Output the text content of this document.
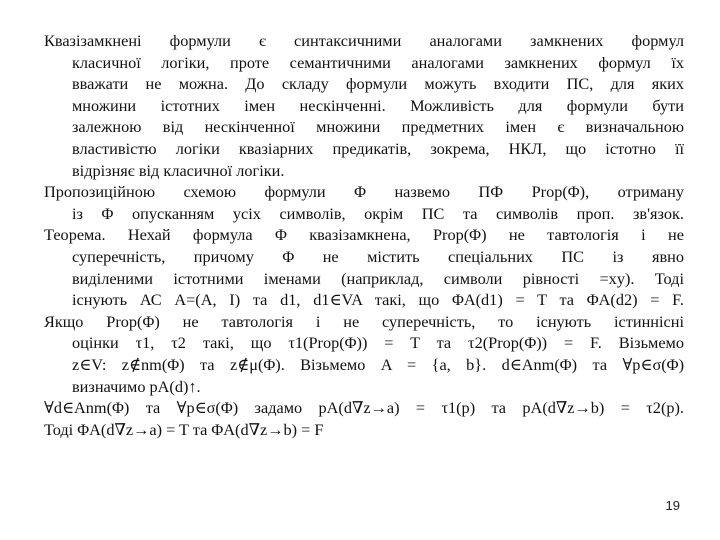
Квазізамкнені формули є синтаксичними аналогами замкнених формул
класичної логіки, проте семантичними аналогами замкнених формул їх
вважати не можна. До складу формули можуть входити ПС, для яких
множини істотних імен нескінченні. Можливість для формули бути
залежною від нескінченної множини предметних імен є визначальною
властивістю логіки квазіарних предикатів, зокрема, НКЛ, що істотно її
відрізняє від класичної логіки.
Пропозиційною схемою формули Φ назвемо ПФ Prop(Φ), отриману
із Φ опусканням усіх символів, окрім ПС та символів проп. зв'язок.
Теорема. Нехай формула Φ квазізамкнена, Prop(Φ) не тавтологія і не
суперечність, причому Φ не містить спеціальних ПС із явно
виділеними істотними іменами (наприклад, символи рівності =xy). Тоді
існують АС A=(A, I) та d1, d1∈VA такі, що ΦA(d1) = T та ΦA(d2) = F.
Якщо Prop(Φ) не тавтологія і не суперечність, то існують істиннісні
оцінки τ1, τ2 такі, що τ1(Prop(Φ)) = T та τ2(Prop(Φ)) = F. Візьмемо
z∈V: z∉nm(Φ) та z∉μ(Φ). Візьмемо A = {a, b}. d∈Anm(Φ) та ∀p∈σ(Φ)
визначимо pA(d)↑.
∀d∈Anm(Φ) та ∀p∈σ(Φ) задамо pA(d∇z→a) = τ1(p) та pA(d∇z→b) = τ2(p).
Тоді ΦA(d∇z→a) = T та ΦA(d∇z→b) = F
19
